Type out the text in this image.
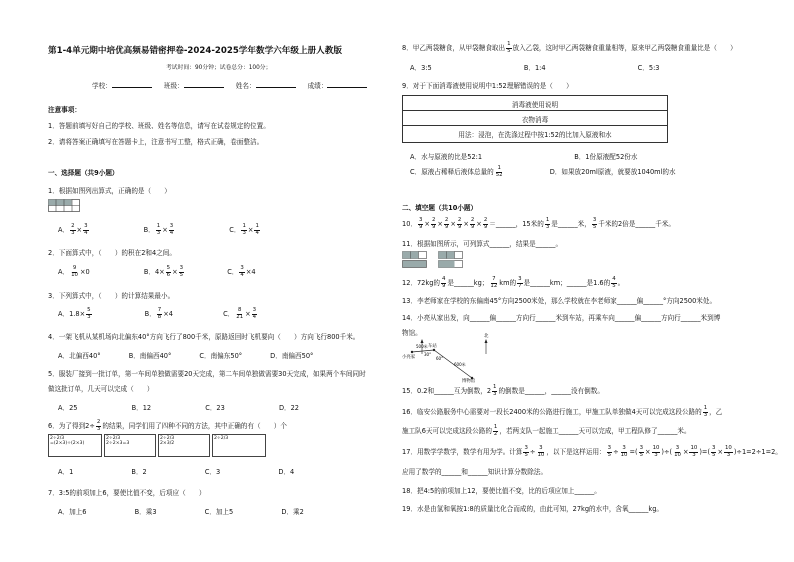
第1-4单元期中培优高频易错密押卷-2024-2025学年数学六年级上册人教版
考试时间：90分钟；试卷总分：100分；
学校：	班级：	姓名：	成绩：
注意事项：
1．答题前填写好自己的学校、班级、姓名等信息，请写在试卷规定的位置。
2．请将答案正确填写在答题卡上，注意书写工整，格式正确，卷面整洁。
一、选择题（共9小题）
1．根据如图列出算式，正确的是（　　）
A． $\frac{2}{3} \times \frac{3}{4}$	B． $\frac{1}{3} \times \frac{3}{4}$	C． $\frac{1}{3} \times \frac{1}{4}$
2．下面算式中，（　　）的积在2和4之间。
A． $\frac{9}{10} \times 0$	B．$4\times \frac{5}{6} \times \frac{3}{5}$	C． $\frac{3}{4} \times 4$
3．下列算式中，（　　）的计算结果最小。
A．$1.8\times \frac{5}{3}$	B． $\frac{7}{8} \times 4$	C． $\frac{8}{21} \times \frac{3}{4}$
4．一架飞机从某机场向北偏东40°方向飞行了800千米，原路返回时飞机要向（　　）方向飞行800千米。
A．北偏西40°	B．南偏西40°	C．南偏东50°	D．南偏西50°
5．服装厂接到一批订单，第一车间单独做需要20天完成，第二车间单独做需要30天完成，如果两个车间同时
做这批订单，几天可以完成（　　）
A．25	B．12	C．23	D．22
6．为了得到$2\div \frac{2}{3}$ 的结果，同学们用了四种不同的方法，其中正确的有（　　）个
2÷2/3
=(2×3)÷(2×3)
2÷2/3
2÷2×3=3
2÷2/3
2×3/2
2÷2/3

A．1	B．2	C．3	D．4
7．3:5的前项加上6，要使比值不变，后项应（　　）
A．加上6	B．乘3	C．加上5	D．乘2
8．甲乙两袋糖食，从甲袋糖食取出 $\frac{1}{5}$ 放入乙袋，这时甲乙两袋糖食重量相等，原来甲乙两袋糖食重量比是（　　）
A．3:5	B．1:4	C．5:3
9．对于下面消毒液使用说明中1:52理解错误的是（　　）
消毒液使用说明
衣物消毒
用法：浸泡，在洗涤过程中按1:52的比加入原液和水
A．水与原液的比是52:1	B．1份原液配52份水
C．原液占稀释后液体总量的 $\frac{1}{52}$	D．如果放20ml原液，就要放1040ml的水
二、填空题（共10小题）
10． $\frac{3}{9} \times \frac{2}{9} \times \frac{2}{9} \times \frac{2}{9} \times \frac{2}{9} \times \frac{2}{9}$ ＝______，15米的 $\frac{1}{3}$ 是______米， $\frac{3}{5}$ 千米的2倍是______千米。
11．根据如图所示，可列算式______，结果是______。
12．72kg的 $\frac{4}{9}$ 是______kg； $\frac{7}{12}$ km的 $\frac{3}{7}$ 是______km；______是1.6的 $\frac{4}{5}$ 。
13．李老师家在学校的东偏南45°方向2500米处，那么学校就在李老师家______偏______°方向2500米处。
14．小亮从家出发，向______偏______方向行______米到车站，再乘车向______偏______方向行______米到博
物馆。
小亮家
车站
博物馆
北
500米
30°
60°
600米
15．0.2和______互为倒数，$2 \frac{1}{3}$ 的倒数是______，______没有倒数。
16．临安公路服务中心需要对一段长2400米的公路进行施工，甲施工队单独做4天可以完成这段公路的 $\frac{1}{3}$ ，乙
施工队6天可以完成这段公路的 $\frac{1}{2}$ ，若两支队一起施工______天可以完成，甲工程队修了______米。
17．用数学学数学，数学有用为学。计算 $\frac{3}{5} \div \frac{3}{10}$ ，以下是这样运用： $\frac{3}{5} \div \frac{3}{10}$ =( $\frac{3}{5} \times \frac{10}{3}$ )÷( $\frac{3}{10} \times \frac{10}{3}$ )=( $\frac{3}{5} \times \frac{10}{3} )\div 1=2\div 1=2$。
应用了数学的______和______知识计算分数除法。
18．把4:5的前项加上12，要使比值不变，比的后项应加上______。
19．水是由氢和氧按1:8的质量比化合而成的，由此可知，27kg的水中，含氧______kg。
